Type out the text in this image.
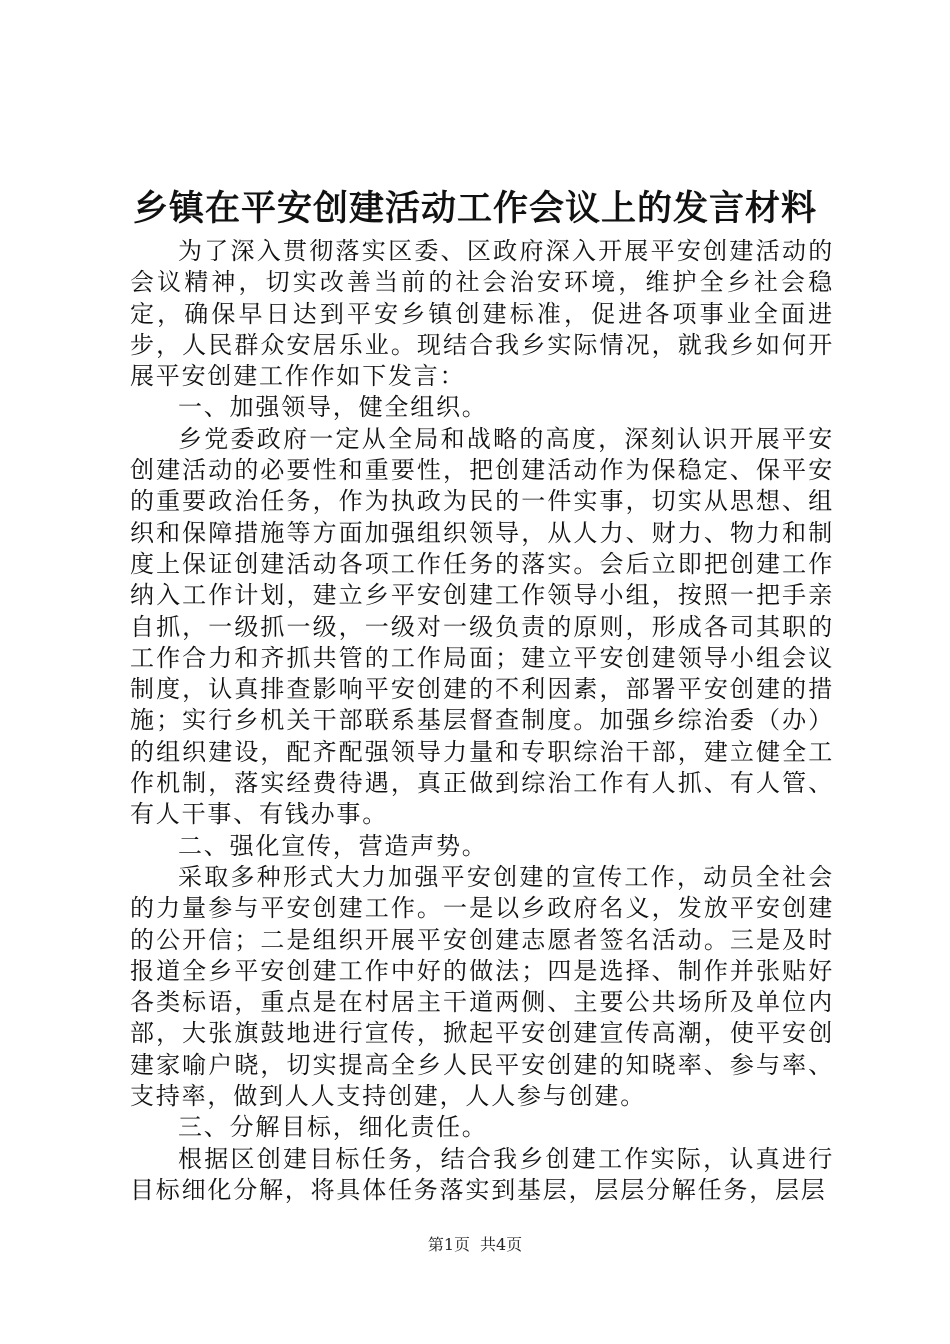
乡镇在平安创建活动工作会议上的发言材料

为了深入贯彻落实区委、区政府深入开展平安创建活动的会议精神，切实改善当前的社会治安环境，维护全乡社会稳定，确保早日达到平安乡镇创建标准，促进各项事业全面进步，人民群众安居乐业。现结合我乡实际情况，就我乡如何开展平安创建工作作如下发言：

一、加强领导，健全组织。

乡党委政府一定从全局和战略的高度，深刻认识开展平安创建活动的必要性和重要性，把创建活动作为保稳定、保平安的重要政治任务，作为执政为民的一件实事，切实从思想、组织和保障措施等方面加强组织领导，从人力、财力、物力和制度上保证创建活动各项工作任务的落实。会后立即把创建工作纳入工作计划，建立乡平安创建工作领导小组，按照一把手亲自抓，一级抓一级，一级对一级负责的原则，形成各司其职的工作合力和齐抓共管的工作局面；建立平安创建领导小组会议制度，认真排查影响平安创建的不利因素，部署平安创建的措施；实行乡机关干部联系基层督查制度。加强乡综治委（办）的组织建设，配齐配强领导力量和专职综治干部，建立健全工作机制，落实经费待遇，真正做到综治工作有人抓、有人管、有人干事、有钱办事。

二、强化宣传，营造声势。

采取多种形式大力加强平安创建的宣传工作，动员全社会的力量参与平安创建工作。一是以乡政府名义，发放平安创建的公开信；二是组织开展平安创建志愿者签名活动。三是及时报道全乡平安创建工作中好的做法；四是选择、制作并张贴好各类标语，重点是在村居主干道两侧、主要公共场所及单位内部，大张旗鼓地进行宣传，掀起平安创建宣传高潮，使平安创建家喻户晓，切实提高全乡人民平安创建的知晓率、参与率、支持率，做到人人支持创建，人人参与创建。

三、分解目标，细化责任。

根据区创建目标任务，结合我乡创建工作实际，认真进行目标细化分解，将具体任务落实到基层，层层分解任务，层层

第1页 共4页
